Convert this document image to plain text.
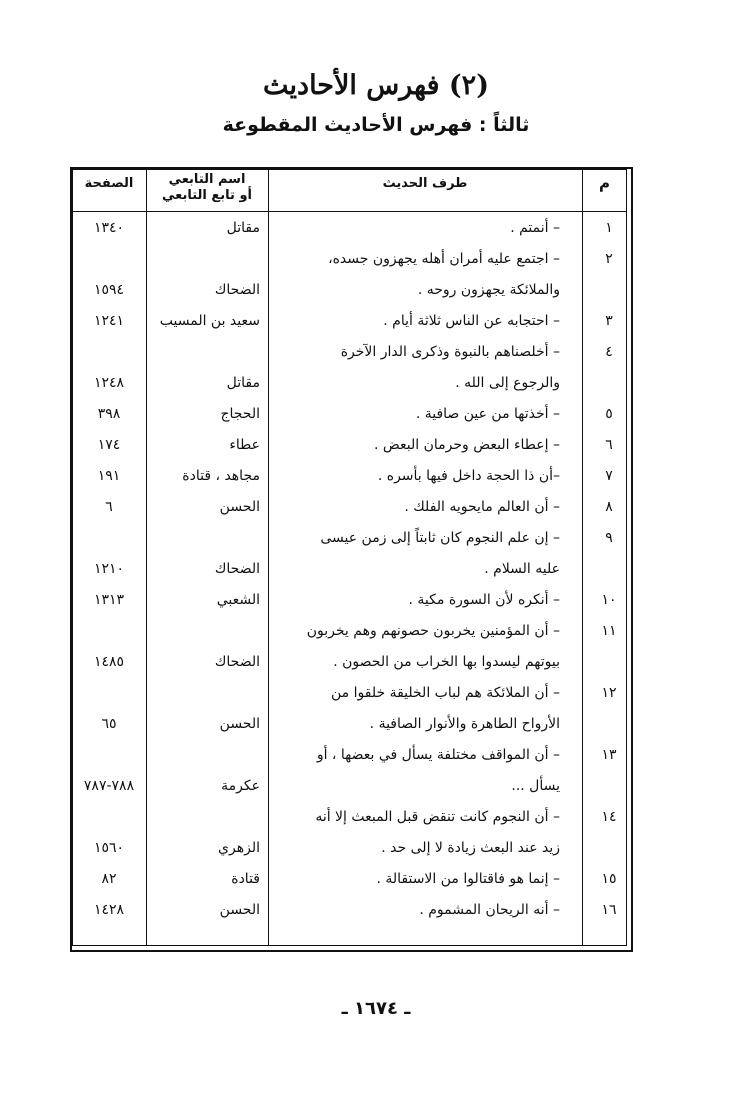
(٢) فهرس الأحاديث
ثالثاً : فهرس الأحاديث المقطوعة
م
طرف الحديث
اسم التابعي
أو تابع التابعي
الصفحة
١
– أنمتم .
مقاتل
١٣٤٠
٢
– اجتمع عليه أمران أهله يجهزون جسده،
والملائكة يجهزون روحه .
الضحاك
١٥٩٤
٣
– احتجابه عن الناس ثلاثة أيام .
سعيد بن المسيب
١٢٤١
٤
– أخلصناهم بالنبوة وذكرى الدار الآخرة
والرجوع إلى الله .
مقاتل
١٢٤٨
٥
– أخذتها من عين صافية .
الحجاج
٣٩٨
٦
– إعطاء البعض وحرمان البعض .
عطاء
١٧٤
٧
–أن ذا الحجة داخل فيها بأسره .
مجاهد ، قتادة
١٩١
٨
– أن العالم مايحويه الفلك .
الحسن
٦
٩
– إن علم النجوم كان ثابتاً إلى زمن عيسى
عليه السلام .
الضحاك
١٢١٠
١٠
– أنكره لأن السورة مكية .
الشعبي
١٣١٣
١١
– أن المؤمنين يخربون حصونهم وهم يخربون
بيوتهم ليسدوا بها الخراب من الحصون .
الضحاك
١٤٨٥
١٢
– أن الملائكة هم لباب الخليقة خلقوا من
الأرواح الطاهرة والأنوار الصافية .
الحسن
٦٥
١٣
– أن المواقف مختلفة يسأل في بعضها ، أو
يسأل ...
عكرمة
٧٨٨-٧٨٧
١٤
– أن النجوم كانت تنقض قبل المبعث إلا أنه
زيد عند البعث زيادة لا إلى حد .
الزهري
١٥٦٠
١٥
– إنما هو فاقتالوا من الاستقالة .
قتادة
٨٢
١٦
– أنه الريحان المشموم .
الحسن
١٤٢٨
ـ ١٦٧٤ ـ
